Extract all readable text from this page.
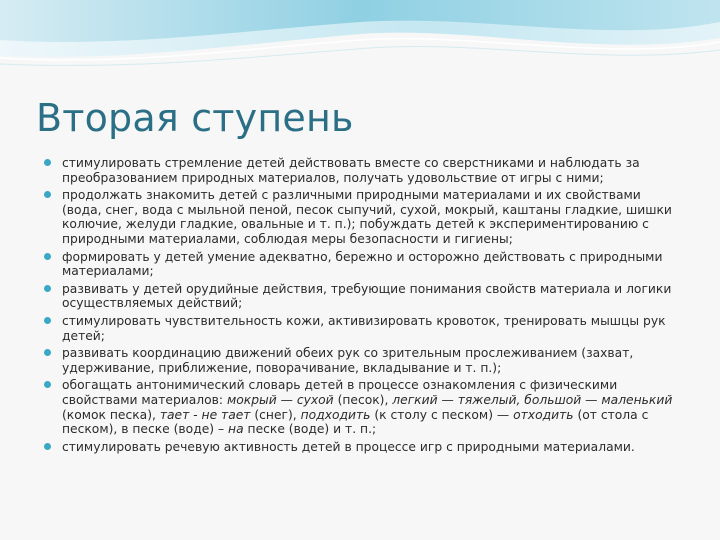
Вторая ступень
стимулировать стремление детей действовать вместе со сверстниками и наблюдать за преобразованием природных материалов, получать удовольствие от игры с ними;
продолжать знакомить детей с различными природными материалами и их свойствами (вода, снег, вода с мыльной пеной, песок сыпучий, сухой, мокрый, каштаны гладкие, шишки колючие, желуди гладкие, овальные и т. п.); побуждать детей к экспериментированию с природными материалами, соблюдая меры безопасности и гигиены;
формировать у детей умение адекватно, бережно и осторожно действовать с природными материалами;
развивать у детей орудийные действия, требующие понимания свойств материала и логики осуществляемых действий;
стимулировать чувствительность кожи, активизировать кровоток, тренировать мышцы рук детей;
развивать координацию движений обеих рук со зрительным прослеживанием (захват, удерживание, приближение, поворачивание, вкладывание и т. п.);
обогащать антонимический словарь детей в процессе ознакомления с физическими свойствами материалов: мокрый — сухой (песок), легкий — тяжелый, большой — маленький (комок песка), тает - не тает (снег), подходить (к столу с песком) — отходить (от стола с песком), в песке (воде) – на песке (воде) и т. п.;
стимулировать речевую активность детей в процессе игр с природными материалами.
